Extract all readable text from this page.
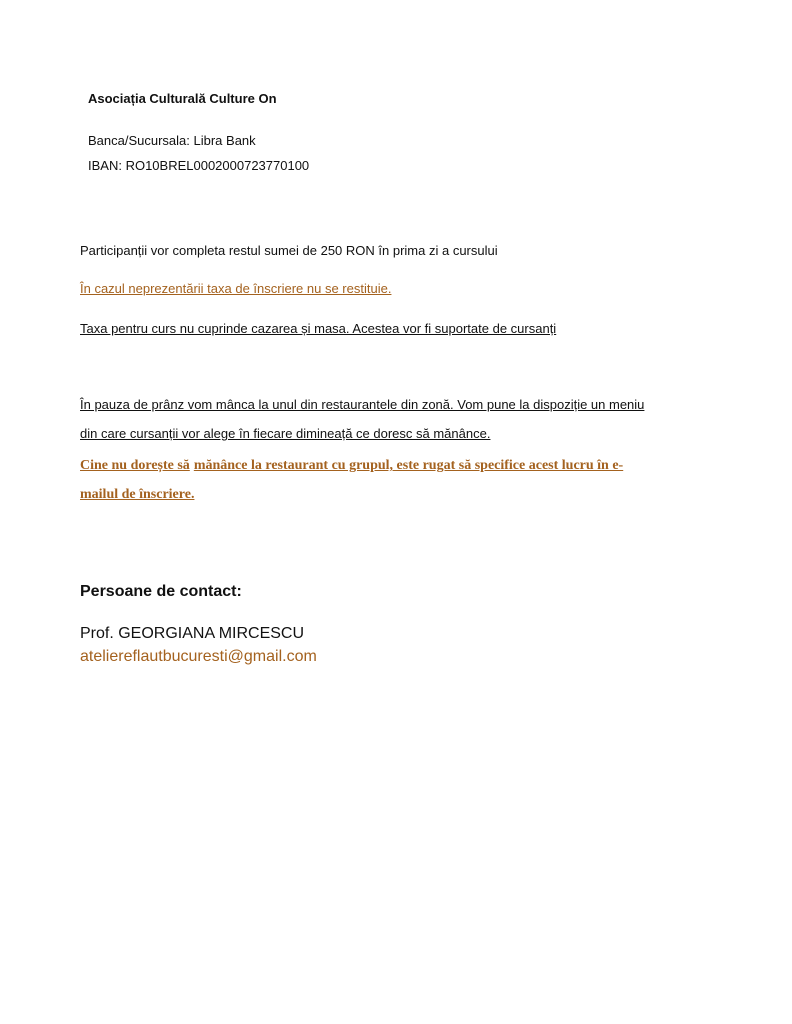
Asociația Culturală Culture On
Banca/Sucursala: Libra Bank
IBAN: RO10BREL0002000723770100
Participanții vor completa restul sumei de 250 RON în prima zi a cursului
În cazul neprezentării taxa de înscriere nu se restituie.
Taxa pentru curs nu cuprinde cazarea și masa. Acestea vor fi suportate de cursanți
În pauza de prânz vom mânca la unul din restaurantele din zonă. Vom pune la dispoziție un meniu
din care cursanții vor alege în fiecare dimineață ce doresc să mănânce.
Cine nu dorește să mănânce la restaurant cu grupul, este rugat să specifice acest lucru în e-
mailul de înscriere.
Persoane de contact:
Prof. GEORGIANA MIRCESCU
ateliereflautbucuresti@gmail.com
